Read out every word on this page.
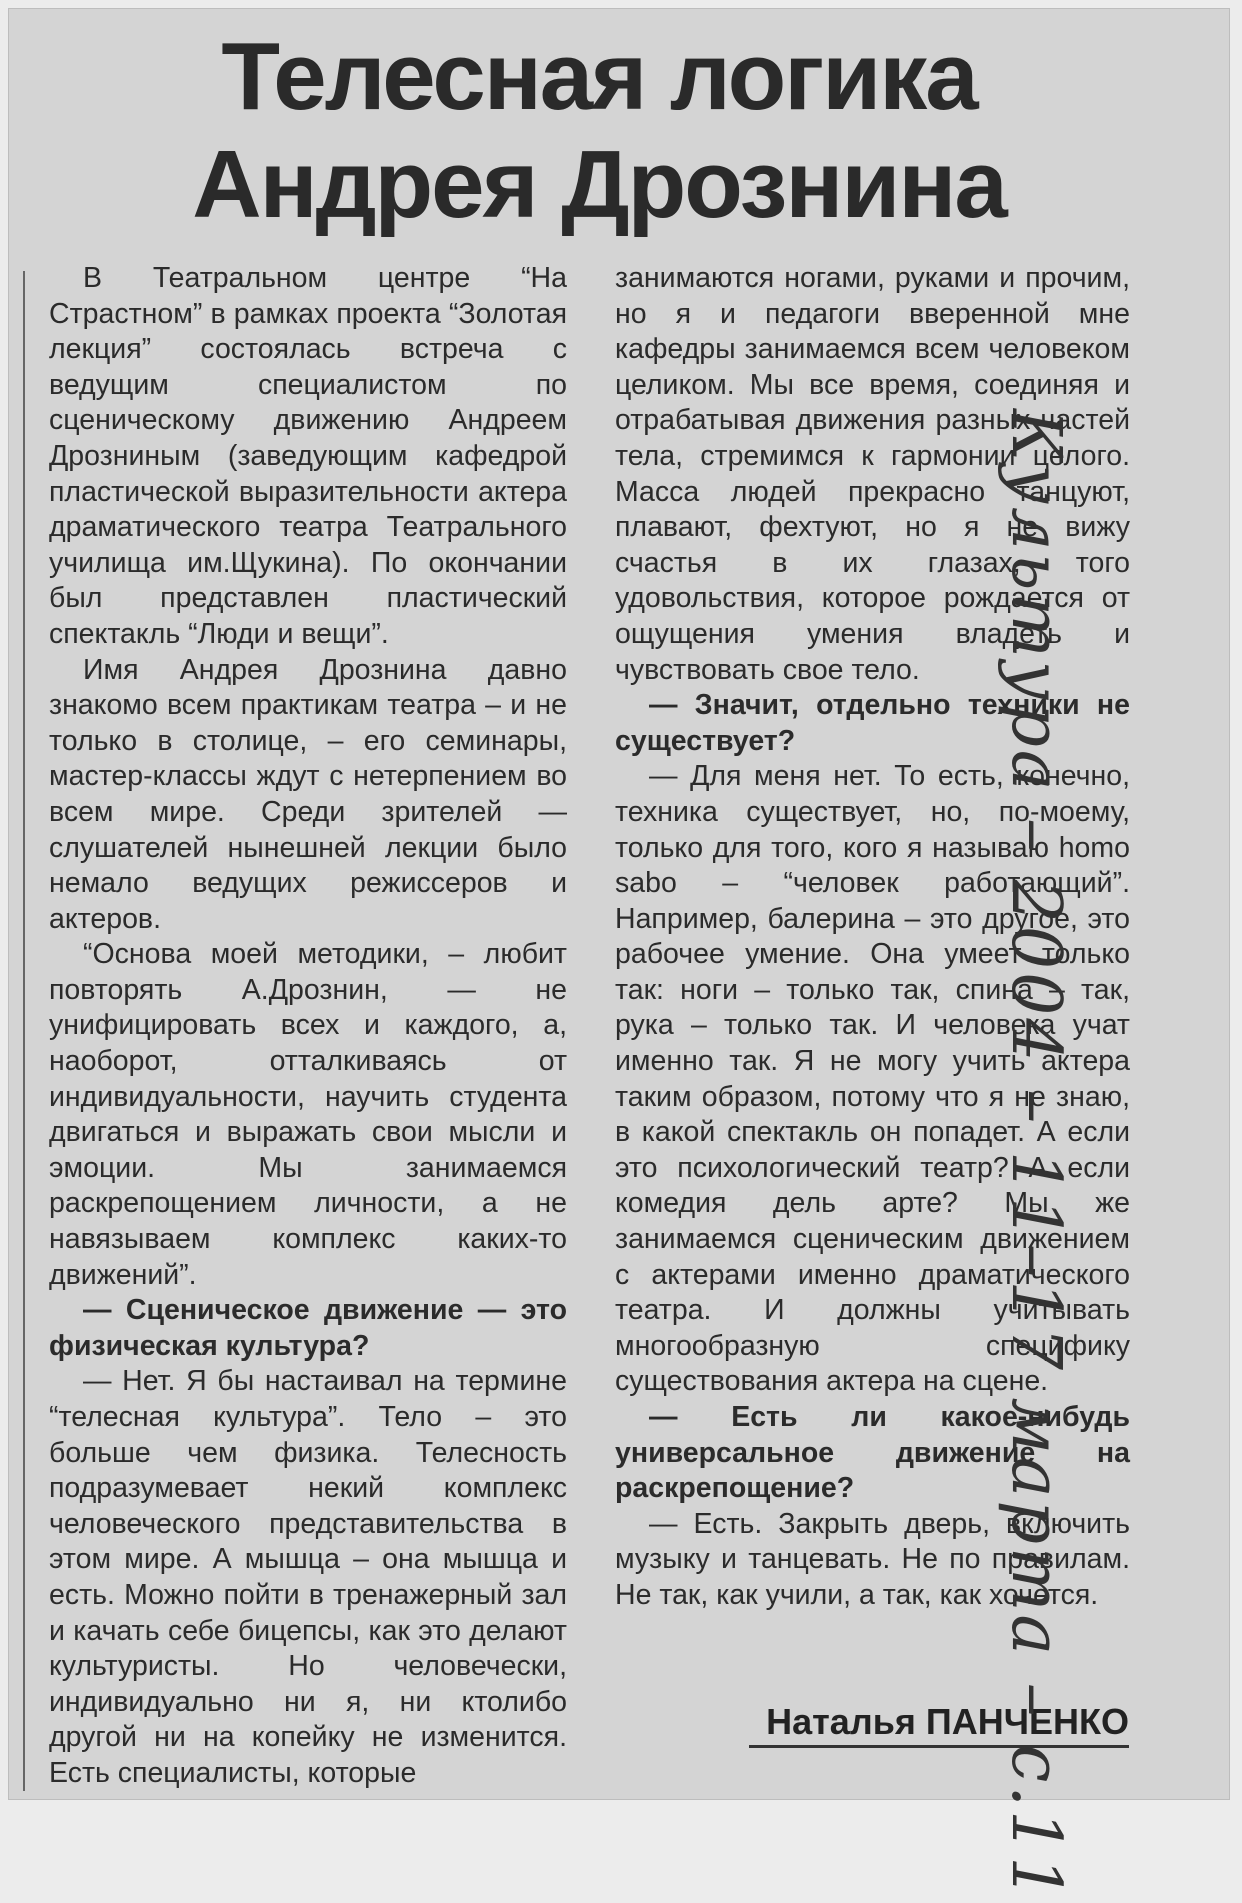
Телесная логика
Андрея Дрознина

В Театральном центре “На Страстном” в рамках проекта “Золотая лекция” состоялась встреча с ведущим специалистом по сценическому движению Андреем Дрозниным (заведующим кафедрой пластической выразительности актера драматического театра Театрального училища им.Щукина). По окончании был представлен пластический спектакль “Люди и вещи”.

Имя Андрея Дрознина давно знакомо всем практикам театра – и не только в столице, – его семинары, мастер-классы ждут с нетерпением во всем мире. Среди зрителей — слушателей нынешней лекции было немало ведущих режиссеров и актеров.

“Основа моей методики, – любит повторять А.Дрознин, — не унифицировать всех и каждого, а, наоборот, отталкиваясь от индивидуальности, научить студента двигаться и выражать свои мысли и эмоции. Мы занимаемся раскрепощением личности, а не навязываем комплекс каких-то движений”.

— Сценическое движение — это физическая культура?

— Нет. Я бы настаивал на термине “телесная культура”. Тело – это больше чем физика. Телесность подразумевает некий комплекс человеческого представительства в этом мире. А мышца – она мышца и есть. Можно пойти в тренажерный зал и качать себе бицепсы, как это делают культуристы. Но человечески, индивидуально ни я, ни ктолибо другой ни на копейку не изменится. Есть специалисты, которые

занимаются ногами, руками и прочим, но я и педагоги вверенной мне кафедры занимаемся всем человеком целиком. Мы все время, соединяя и отрабатывая движения разных частей тела, стремимся к гармонии целого. Масса людей прекрасно танцуют, плавают, фехтуют, но я не вижу счастья в их глазах, того удовольствия, которое рождается от ощущения умения владеть и чувствовать свое тело.

— Значит, отдельно техники не существует?

— Для меня нет. То есть, конечно, техника существует, но, по-моему, только для того, кого я называю homo sabo – “человек работающий”. Например, балерина – это другое, это рабочее умение. Она умеет только так: ноги – только так, спина – так, рука – только так. И человека учат именно так. Я не могу учить актера таким образом, потому что я не знаю, в какой спектакль он попадет. А если это психологический театр? А если комедия дель арте? Мы же занимаемся сценическим движением с актерами именно драматического театра. И должны учитывать многообразную специфику существования актера на сцене.

— Есть ли какое-нибудь универсальное движение на раскрепощение?

— Есть. Закрыть дверь, включить музыку и танцевать. Не по правилам. Не так, как учили, а так, как хочется.

Наталья ПАНЧЕНКО
Культура – 2004 – 11–17 марта – с.11
